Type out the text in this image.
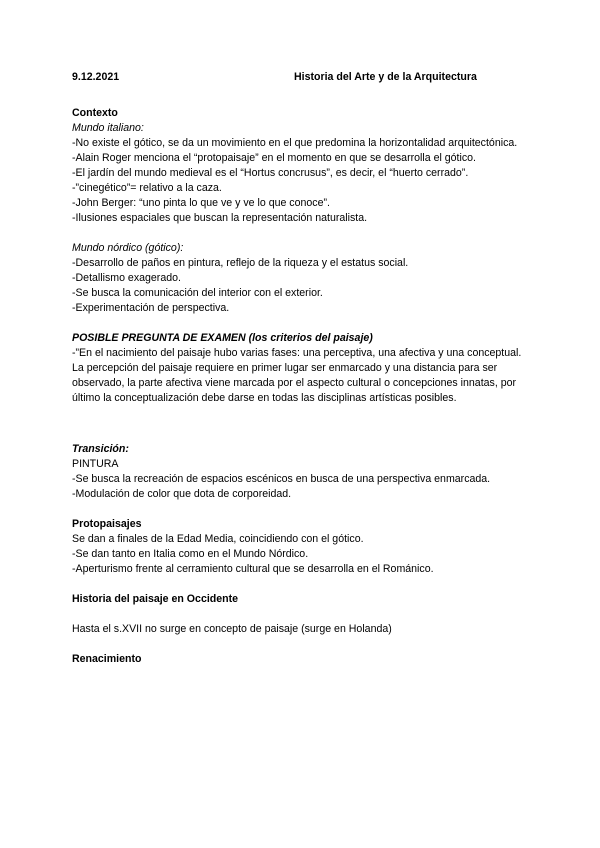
9.12.2021	Historia del Arte y de la Arquitectura
Contexto
Mundo italiano:
-No existe el gótico, se da un movimiento en el que predomina la horizontalidad arquitectónica.
-Alain Roger menciona el “protopaisaje” en el momento en que se desarrolla el gótico.
-El jardín del mundo medieval es el “Hortus concrusus”, es decir, el “huerto cerrado”.
-”cinegético”= relativo a la caza.
-John Berger: “uno pinta lo que ve y ve lo que conoce”.
-Ilusiones espaciales que buscan la representación naturalista.
Mundo nórdico (gótico):
-Desarrollo de paños en pintura, reflejo de la riqueza y el estatus social.
-Detallismo exagerado.
-Se busca la comunicación del interior con el exterior.
-Experimentación de perspectiva.
POSIBLE PREGUNTA DE EXAMEN (los criterios del paisaje)

-”En el nacimiento del paisaje hubo varias fases: una perceptiva, una afectiva y una conceptual. La percepción del paisaje requiere en primer lugar ser enmarcado y una distancia para ser observado, la parte afectiva viene marcada por el aspecto cultural o concepciones innatas, por último la conceptualización debe darse en todas las disciplinas artísticas posibles.

Transición:
PINTURA
-Se busca la recreación de espacios escénicos en busca de una perspectiva enmarcada.
-Modulación de color que dota de corporeidad.
Protopaisajes
Se dan a finales de la Edad Media, coincidiendo con el gótico.
-Se dan tanto en Italia como en el Mundo Nórdico.
-Aperturismo frente al cerramiento cultural que se desarrolla en el Románico.
Historia del paisaje en Occidente
Hasta el s.XVII no surge en concepto de paisaje (surge en Holanda)
Renacimiento
